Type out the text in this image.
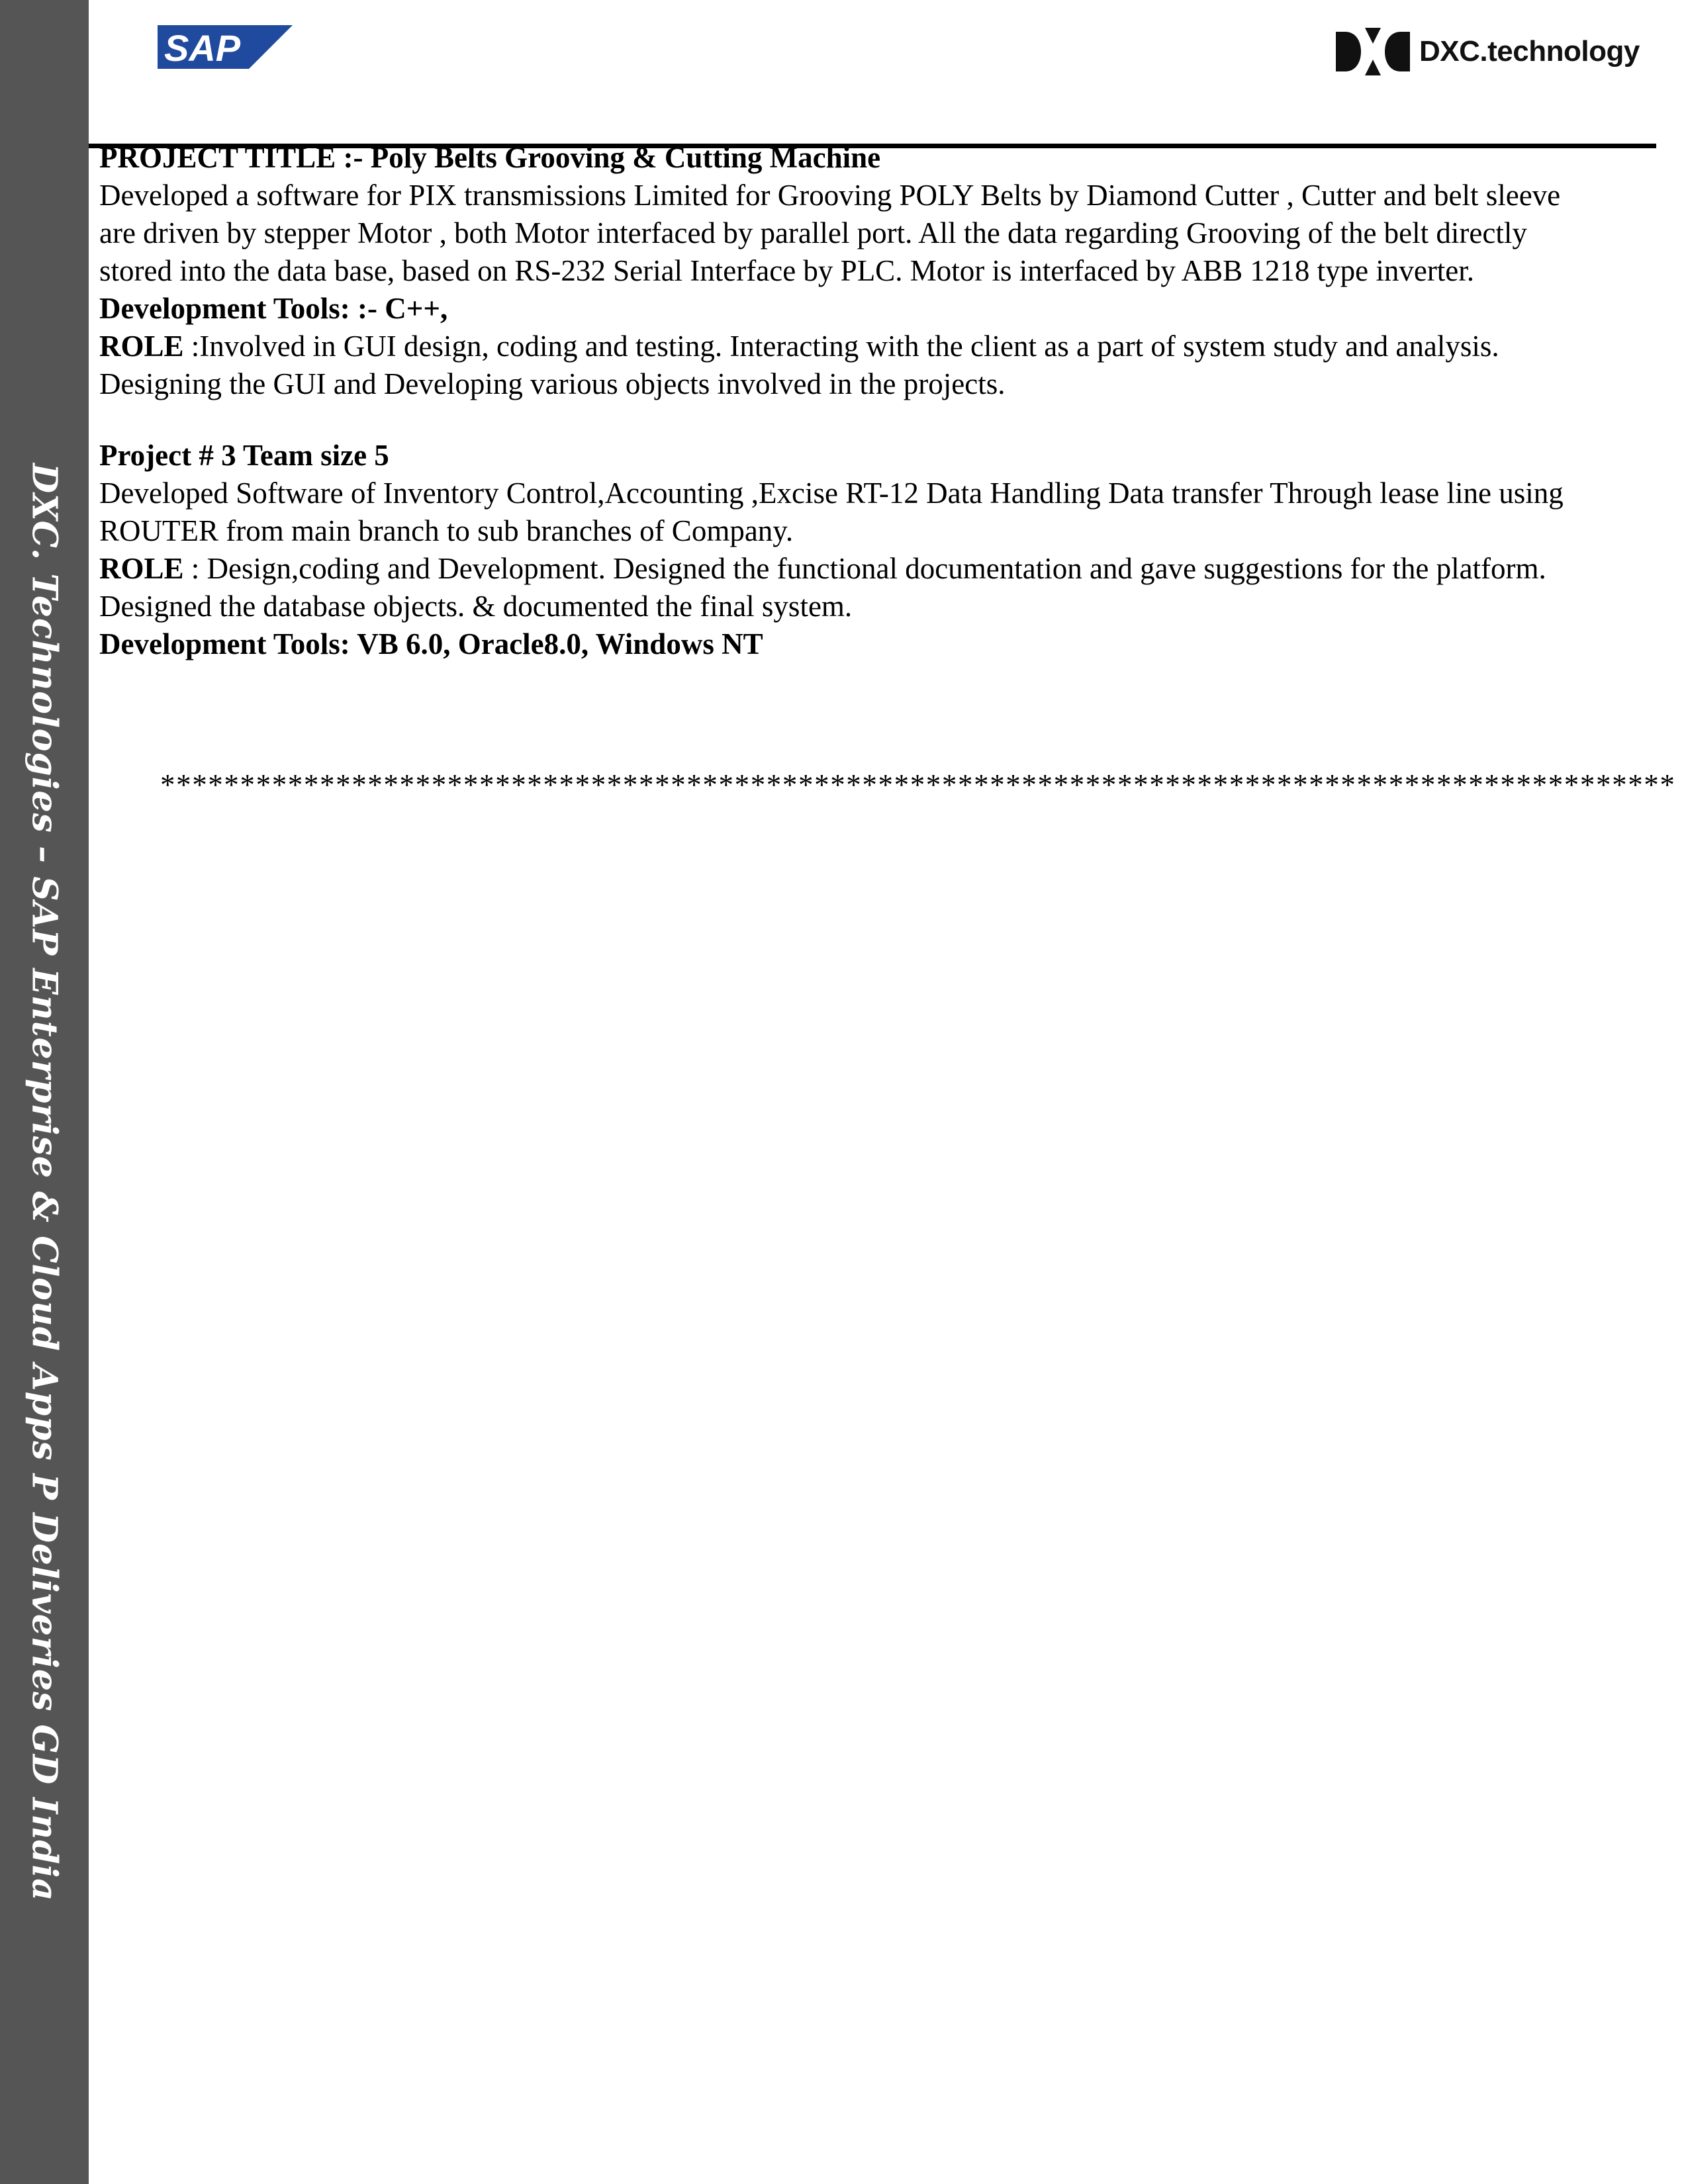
DXC. Technologies – SAP Enterprise & Cloud Apps P Deliveries GD India
SAP	DXC.technology

PROJECT TITLE :- Poly Belts Grooving & Cutting Machine

Developed a software for PIX transmissions Limited for Grooving POLY Belts by Diamond Cutter , Cutter and belt sleeve are driven by stepper Motor , both Motor interfaced by parallel port. All the data regarding Grooving of the belt directly stored into the data base, based on RS-232 Serial Interface by PLC. Motor is interfaced by ABB 1218 type inverter.

Development Tools: :- C++,

ROLE :Involved in GUI design, coding and testing. Interacting with the client as a part of system study and analysis. Designing the GUI and Developing various objects involved in the projects.

Project # 3 Team size 5

Developed Software of Inventory Control,Accounting ,Excise RT-12 Data Handling Data transfer Through lease line using ROUTER from main branch to sub branches of Company.

ROLE : Design,coding and Development. Designed the functional documentation and gave suggestions for the platform. Designed the database objects. & documented the final system.

Development Tools: VB 6.0, Oracle8.0, Windows NT

***********************************************************************************************
